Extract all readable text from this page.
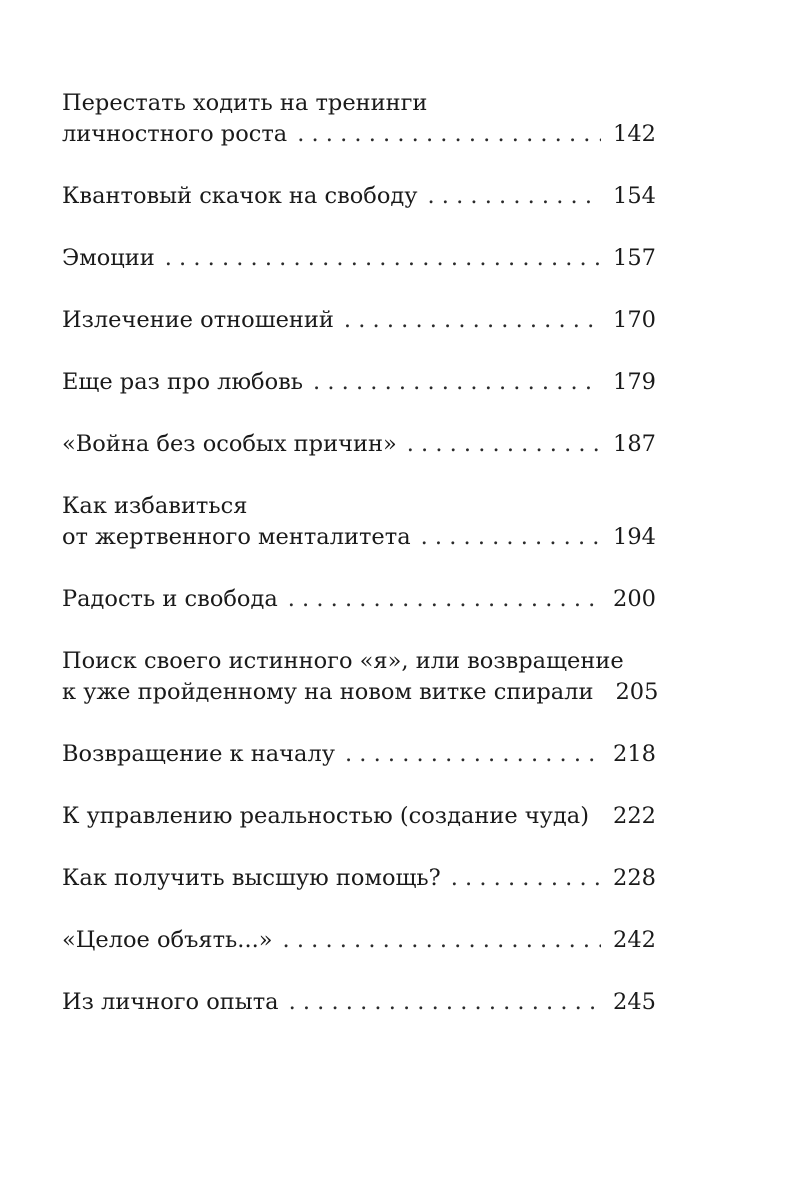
Перестать ходить на тренинги
личностного роста . . .	142
Квантовый скачок на свободу . . .	154
Эмоции . . .	157
Излечение отношений . . .	170
Еще раз про любовь . . .	179
«Война без особых причин» . . .	187
Как избавиться
от жертвенного менталитета . . .	194
Радость и свобода . . .	200
Поиск своего истинного «я», или возвращение
к уже пройденному на новом витке спирали 205
Возвращение к началу . . .	218
К управлению реальностью (создание чуда) . . . 222
Как получить высшую помощь? . . .	228
«Целое объять...» . . .	242
Из личного опыта . . .	245
